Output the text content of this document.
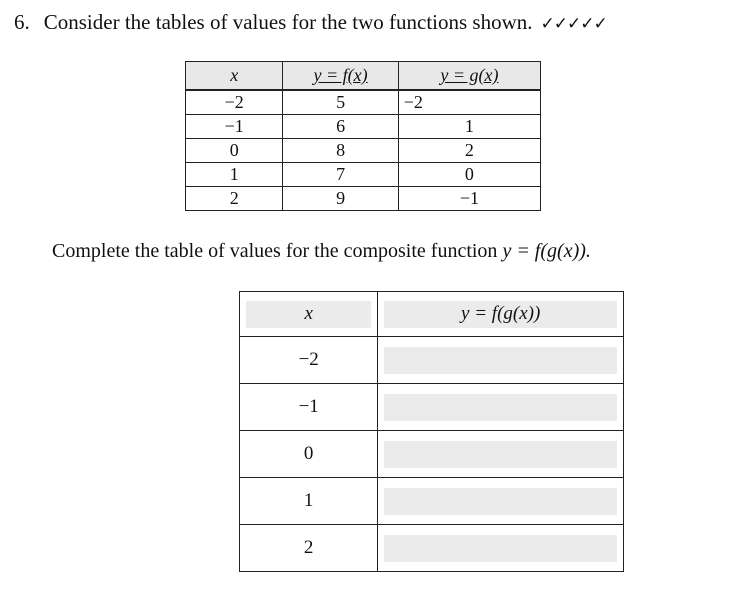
6. Consider the tables of values for the two functions shown. ✓✓✓✓✓
x	y = f(x)	y = g(x)
−2	5	−2
−1	6	1
0	8	2
1	7	0
2	9	−1
Complete the table of values for the composite function y = f(g(x)).
x	y = f(g(x))

−2	

−1	

0	

1	

2	
